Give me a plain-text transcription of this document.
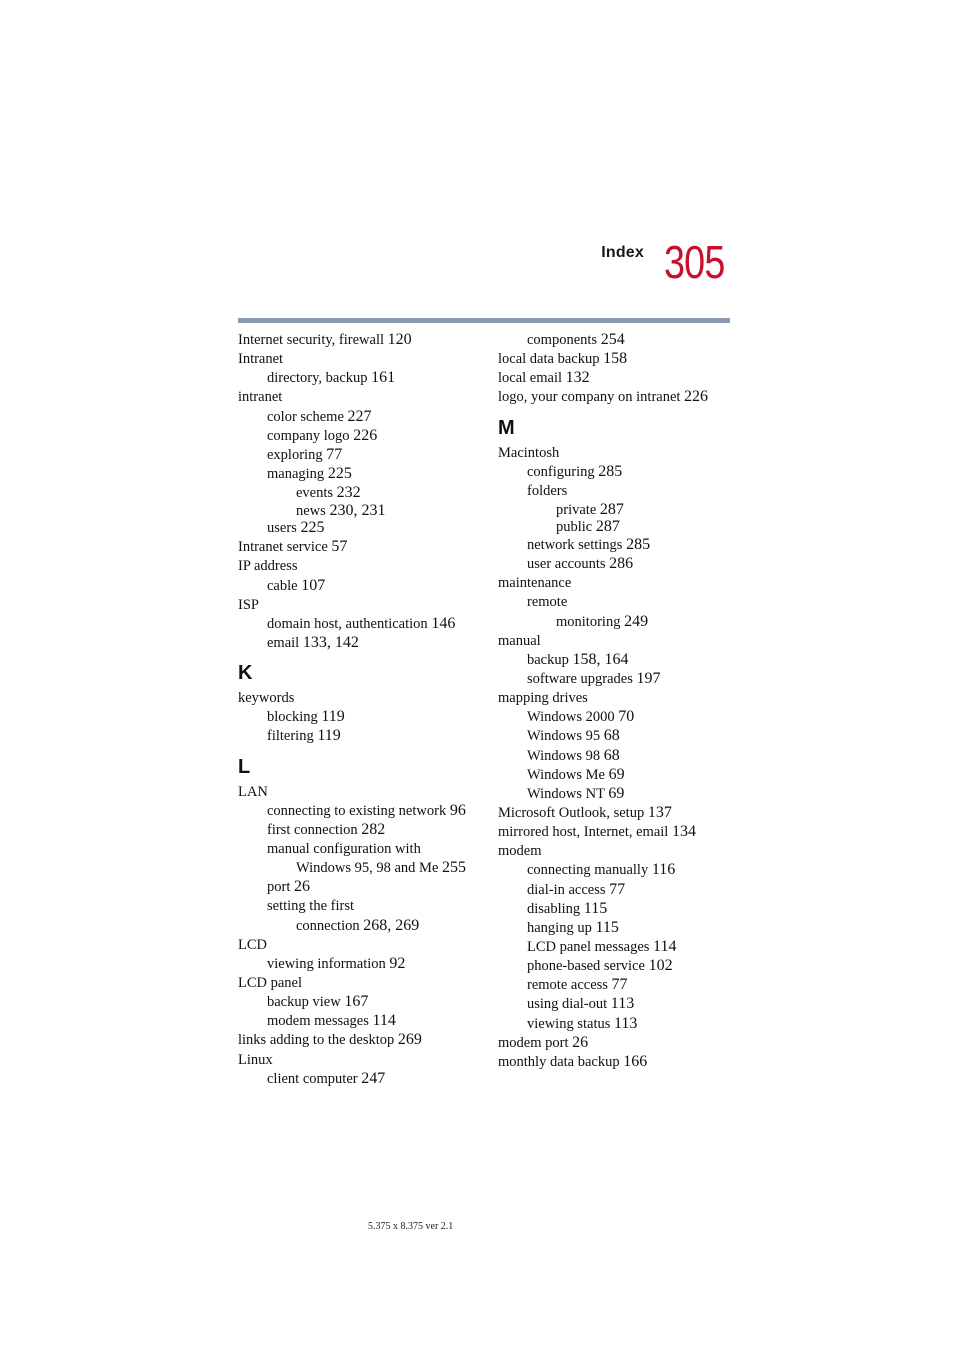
Index 305
Internet security, firewall 120
Intranet
directory, backup 161
intranet
color scheme 227
company logo 226
exploring 77
managing 225
events 232
news 230, 231
users 225
Intranet service 57
IP address
cable 107
ISP
domain host, authentication 146
email 133, 142
K
keywords
blocking 119
filtering 119
L
LAN
connecting to existing network 96
first connection 282
manual configuration with
Windows 95, 98 and Me 255
port 26
setting the first
connection 268, 269
LCD
viewing information 92
LCD panel
backup view 167
modem messages 114
links adding to the desktop 269
Linux
client computer 247
components 254
local data backup 158
local email 132
logo, your company on intranet 226
M
Macintosh
configuring 285
folders
private 287
public 287
network settings 285
user accounts 286
maintenance
remote
monitoring 249
manual
backup 158, 164
software upgrades 197
mapping drives
Windows 2000 70
Windows 95 68
Windows 98 68
Windows Me 69
Windows NT 69
Microsoft Outlook, setup 137
mirrored host, Internet, email 134
modem
connecting manually 116
dial-in access 77
disabling 115
hanging up 115
LCD panel messages 114
phone-based service 102
remote access 77
using dial-out 113
viewing status 113
modem port 26
monthly data backup 166
5.375 x 8.375 ver 2.1
